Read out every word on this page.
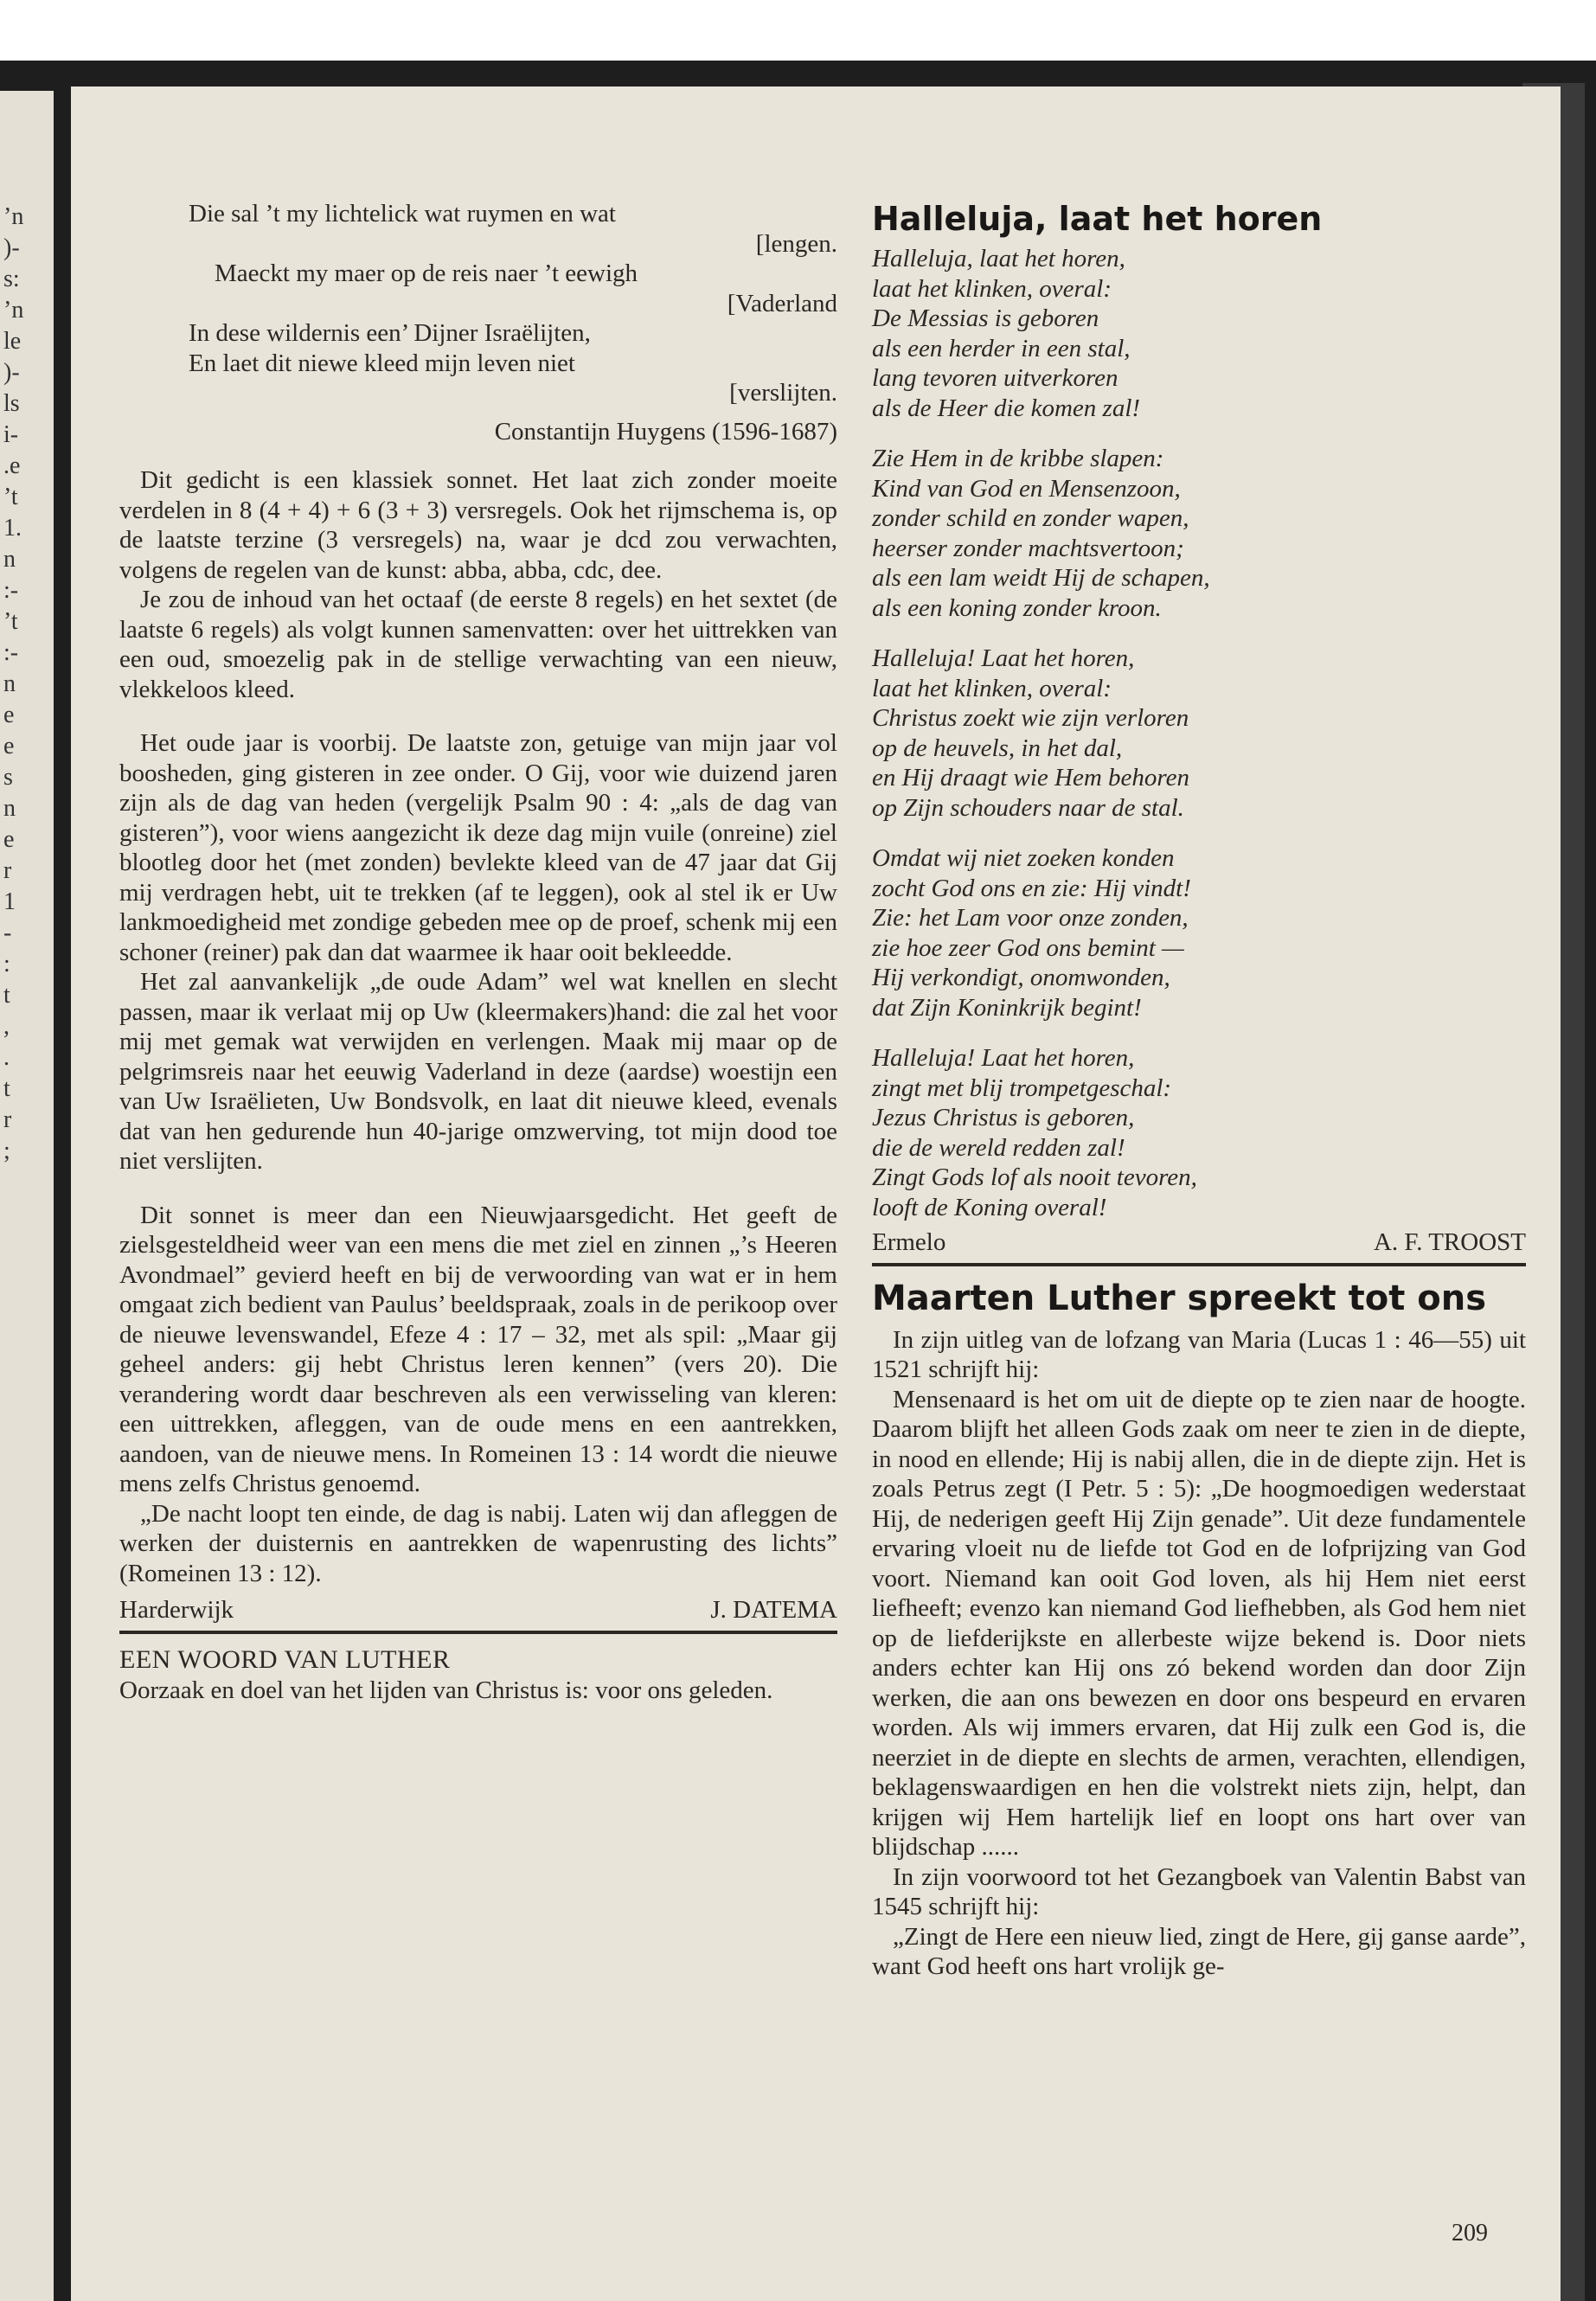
’n
)-
s:
’n
le
)-
ls
i-
.e
’t
1.
n
:-
’t
:-
n
e
e
s
n
e
r
1
-
:
t
,
.
t
r
;

Die sal ’t my lichtelick wat ruymen en wat

[lengen.

Maeckt my maer op de reis naer ’t eewigh

[Vaderland

In dese wildernis een’ Dijner Israëlijten,

En laet dit niewe kleed mijn leven niet

[verslijten.

Constantijn Huygens (1596-1687)

Dit gedicht is een klassiek sonnet. Het laat zich zonder moeite verdelen in 8 (4 + 4) + 6 (3 + 3) versregels. Ook het rijmschema is, op de laatste terzine (3 versregels) na, waar je dcd zou verwachten, volgens de regelen van de kunst: abba, abba, cdc, dee.

Je zou de inhoud van het octaaf (de eerste 8 regels) en het sextet (de laatste 6 regels) als volgt kunnen samenvatten: over het uittrekken van een oud, smoezelig pak in de stellige verwachting van een nieuw, vlekkeloos kleed.

Het oude jaar is voorbij. De laatste zon, getuige van mijn jaar vol boosheden, ging gisteren in zee onder. O Gij, voor wie duizend jaren zijn als de dag van heden (vergelijk Psalm 90 : 4: „als de dag van gisteren”), voor wiens aangezicht ik deze dag mijn vuile (onreine) ziel blootleg door het (met zonden) bevlekte kleed van de 47 jaar dat Gij mij verdragen hebt, uit te trekken (af te leggen), ook al stel ik er Uw lankmoedigheid met zondige gebeden mee op de proef, schenk mij een schoner (reiner) pak dan dat waarmee ik haar ooit bekleedde.

Het zal aanvankelijk „de oude Adam” wel wat knellen en slecht passen, maar ik verlaat mij op Uw (kleermakers)hand: die zal het voor mij met gemak wat verwijden en verlengen. Maak mij maar op de pelgrimsreis naar het eeuwig Vaderland in deze (aardse) woestijn een van Uw Israëlieten, Uw Bondsvolk, en laat dit nieuwe kleed, evenals dat van hen gedurende hun 40-jarige omzwerving, tot mijn dood toe niet verslijten.

Dit sonnet is meer dan een Nieuwjaarsgedicht. Het geeft de zielsgesteldheid weer van een mens die met ziel en zinnen „’s Heeren Avondmael” gevierd heeft en bij de verwoording van wat er in hem omgaat zich bedient van Paulus’ beeldspraak, zoals in de perikoop over de nieuwe levenswandel, Efeze 4 : 17 – 32, met als spil: „Maar gij geheel anders: gij hebt Christus leren kennen” (vers 20). Die verandering wordt daar beschreven als een verwisseling van kleren: een uittrekken, afleggen, van de oude mens en een aantrekken, aandoen, van de nieuwe mens. In Romeinen 13 : 14 wordt die nieuwe mens zelfs Christus genoemd.

„De nacht loopt ten einde, de dag is nabij. Laten wij dan afleggen de werken der duisternis en aantrekken de wapenrusting des lichts” (Romeinen 13 : 12).

Harderwijk	J. DATEMA
EEN WOORD VAN LUTHER

Oorzaak en doel van het lijden van Christus is: voor ons geleden.

Halleluja, laat het horen

Halleluja, laat het horen,

laat het klinken, overal:

De Messias is geboren

als een herder in een stal,

lang tevoren uitverkoren

als de Heer die komen zal!

Zie Hem in de kribbe slapen:

Kind van God en Mensenzoon,

zonder schild en zonder wapen,

heerser zonder machtsvertoon;

als een lam weidt Hij de schapen,

als een koning zonder kroon.

Halleluja! Laat het horen,

laat het klinken, overal:

Christus zoekt wie zijn verloren

op de heuvels, in het dal,

en Hij draagt wie Hem behoren

op Zijn schouders naar de stal.

Omdat wij niet zoeken konden

zocht God ons en zie: Hij vindt!

Zie: het Lam voor onze zonden,

zie hoe zeer God ons bemint —

Hij verkondigt, onomwonden,

dat Zijn Koninkrijk begint!

Halleluja! Laat het horen,

zingt met blij trompetgeschal:

Jezus Christus is geboren,

die de wereld redden zal!

Zingt Gods lof als nooit tevoren,

looft de Koning overal!

Ermelo	A. F. TROOST
Maarten Luther spreekt tot ons

In zijn uitleg van de lofzang van Maria (Lucas 1 : 46—55) uit 1521 schrijft hij:

Mensenaard is het om uit de diepte op te zien naar de hoogte. Daarom blijft het alleen Gods zaak om neer te zien in de diepte, in nood en ellende; Hij is nabij allen, die in de diepte zijn. Het is zoals Petrus zegt (I Petr. 5 : 5): „De hoogmoedigen wederstaat Hij, de nederigen geeft Hij Zijn genade”. Uit deze fundamentele ervaring vloeit nu de liefde tot God en de lofprijzing van God voort. Niemand kan ooit God loven, als hij Hem niet eerst liefheeft; evenzo kan niemand God liefhebben, als God hem niet op de liefderijkste en allerbeste wijze bekend is. Door niets anders echter kan Hij ons zó bekend worden dan door Zijn werken, die aan ons bewezen en door ons bespeurd en ervaren worden. Als wij immers ervaren, dat Hij zulk een God is, die neerziet in de diepte en slechts de armen, verachten, ellendigen, beklagenswaardigen en hen die volstrekt niets zijn, helpt, dan krijgen wij Hem hartelijk lief en loopt ons hart over van blijdschap ......

In zijn voorwoord tot het Gezangboek van Valentin Babst van 1545 schrijft hij:

„Zingt de Here een nieuw lied, zingt de Here, gij ganse aarde”, want God heeft ons hart vrolijk ge-

209
